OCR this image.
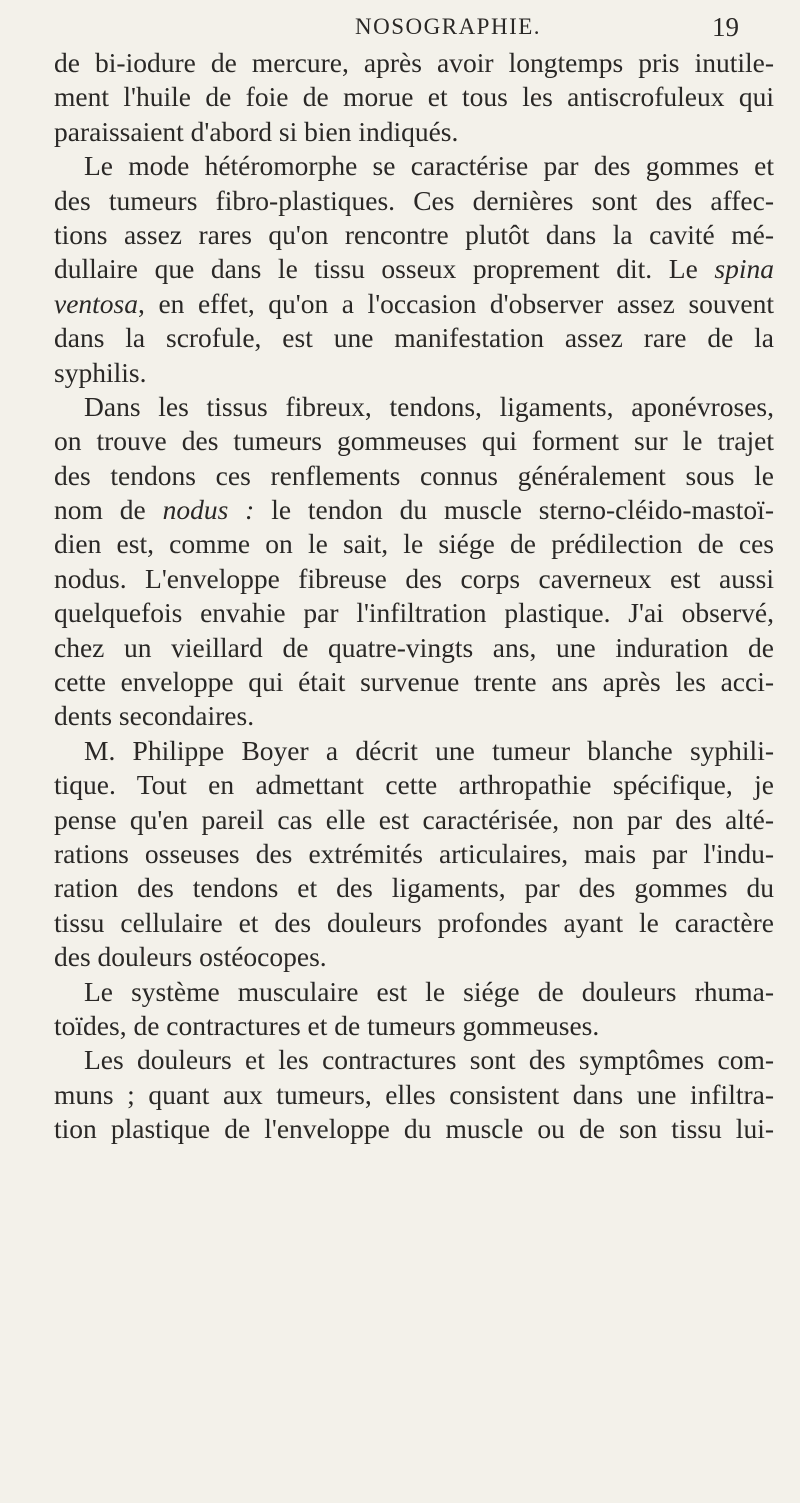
NOSOGRAPHIE.	19
de bi-iodure de mercure, après avoir longtemps pris inutile-
ment l'huile de foie de morue et tous les antiscrofuleux qui
paraissaient d'abord si bien indiqués.
Le mode hétéromorphe se caractérise par des gommes et
des tumeurs fibro-plastiques. Ces dernières sont des affec-
tions assez rares qu'on rencontre plutôt dans la cavité mé-
dullaire que dans le tissu osseux proprement dit. Le spina
ventosa, en effet, qu'on a l'occasion d'observer assez souvent
dans la scrofule, est une manifestation assez rare de la
syphilis.
Dans les tissus fibreux, tendons, ligaments, aponévroses,
on trouve des tumeurs gommeuses qui forment sur le trajet
des tendons ces renflements connus généralement sous le
nom de nodus : le tendon du muscle sterno-cléido-mastoï-
dien est, comme on le sait, le siége de prédilection de ces
nodus. L'enveloppe fibreuse des corps caverneux est aussi
quelquefois envahie par l'infiltration plastique. J'ai observé,
chez un vieillard de quatre-vingts ans, une induration de
cette enveloppe qui était survenue trente ans après les acci-
dents secondaires.
M. Philippe Boyer a décrit une tumeur blanche syphili-
tique. Tout en admettant cette arthropathie spécifique, je
pense qu'en pareil cas elle est caractérisée, non par des alté-
rations osseuses des extrémités articulaires, mais par l'indu-
ration des tendons et des ligaments, par des gommes du
tissu cellulaire et des douleurs profondes ayant le caractère
des douleurs ostéocopes.
Le système musculaire est le siége de douleurs rhuma-
toïdes, de contractures et de tumeurs gommeuses.
Les douleurs et les contractures sont des symptômes com-
muns ; quant aux tumeurs, elles consistent dans une infiltra-
tion plastique de l'enveloppe du muscle ou de son tissu lui-
